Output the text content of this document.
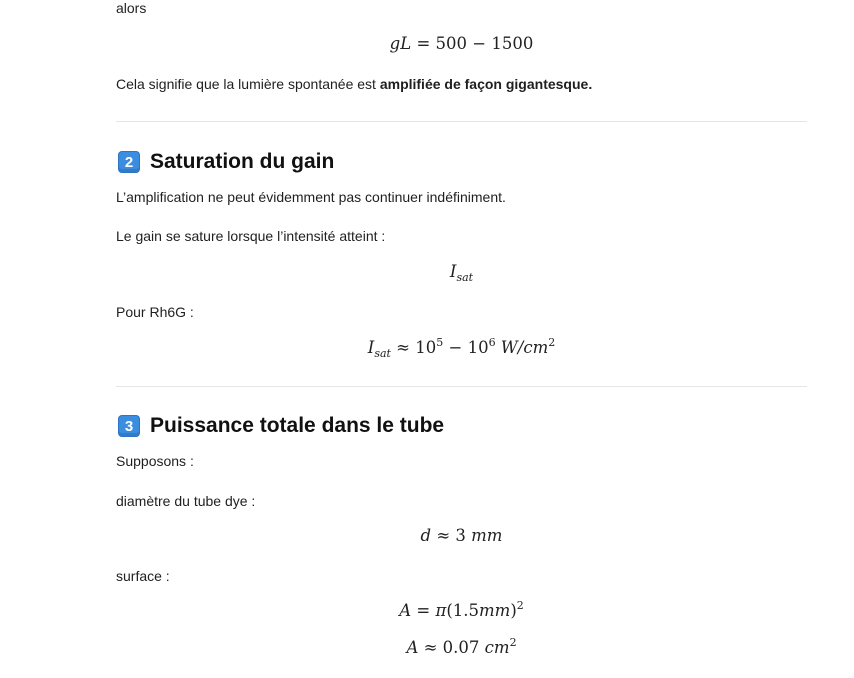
alors
gL = 500 − 1500
Cela signifie que la lumière spontanée est amplifiée de façon gigantesque.
2 Saturation du gain
L’amplification ne peut évidemment pas continuer indéfiniment.
Le gain se sature lorsque l’intensité atteint :
$I_{sat}$
Pour Rh6G :
$I_{sat} \approx 10^5 - 10^6$ $W/cm^2$
3 Puissance totale dans le tube
Supposons :
diamètre du tube dye :
d ≈ 3 mm
surface :
$A = \pi(1.5mm)^2$
A ≈ 0.07 $cm^2$
